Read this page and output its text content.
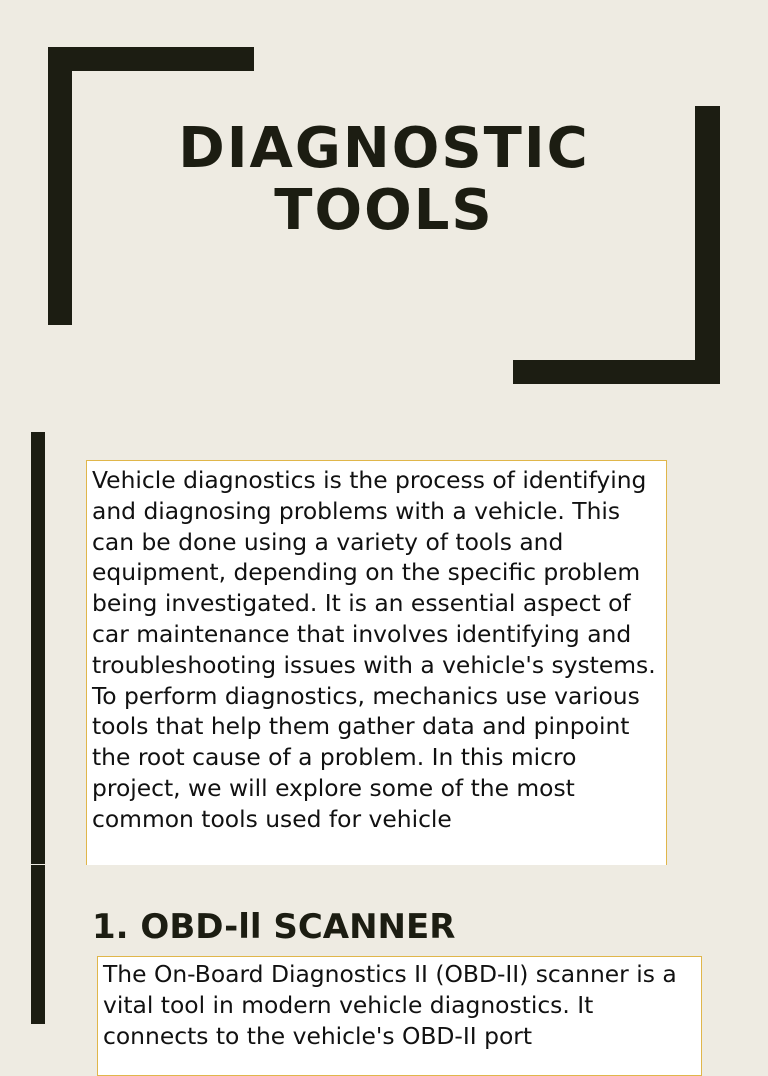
DIAGNOSTIC
TOOLS

Vehicle diagnostics is the process of identifying and diagnosing problems with a vehicle. This can be done using a variety of tools and equipment, depending on the specific problem being investigated. It is an essential aspect of car maintenance that involves identifying and troubleshooting issues with a vehicle's systems.

To perform diagnostics, mechanics use various tools that help them gather data and pinpoint the root cause of a problem. In this micro project, we will explore some of the most common tools used for vehicle

1. OBD-ll SCANNER

The On-Board Diagnostics II (OBD-II) scanner is a vital tool in modern vehicle diagnostics. It connects to the vehicle's OBD-II port
